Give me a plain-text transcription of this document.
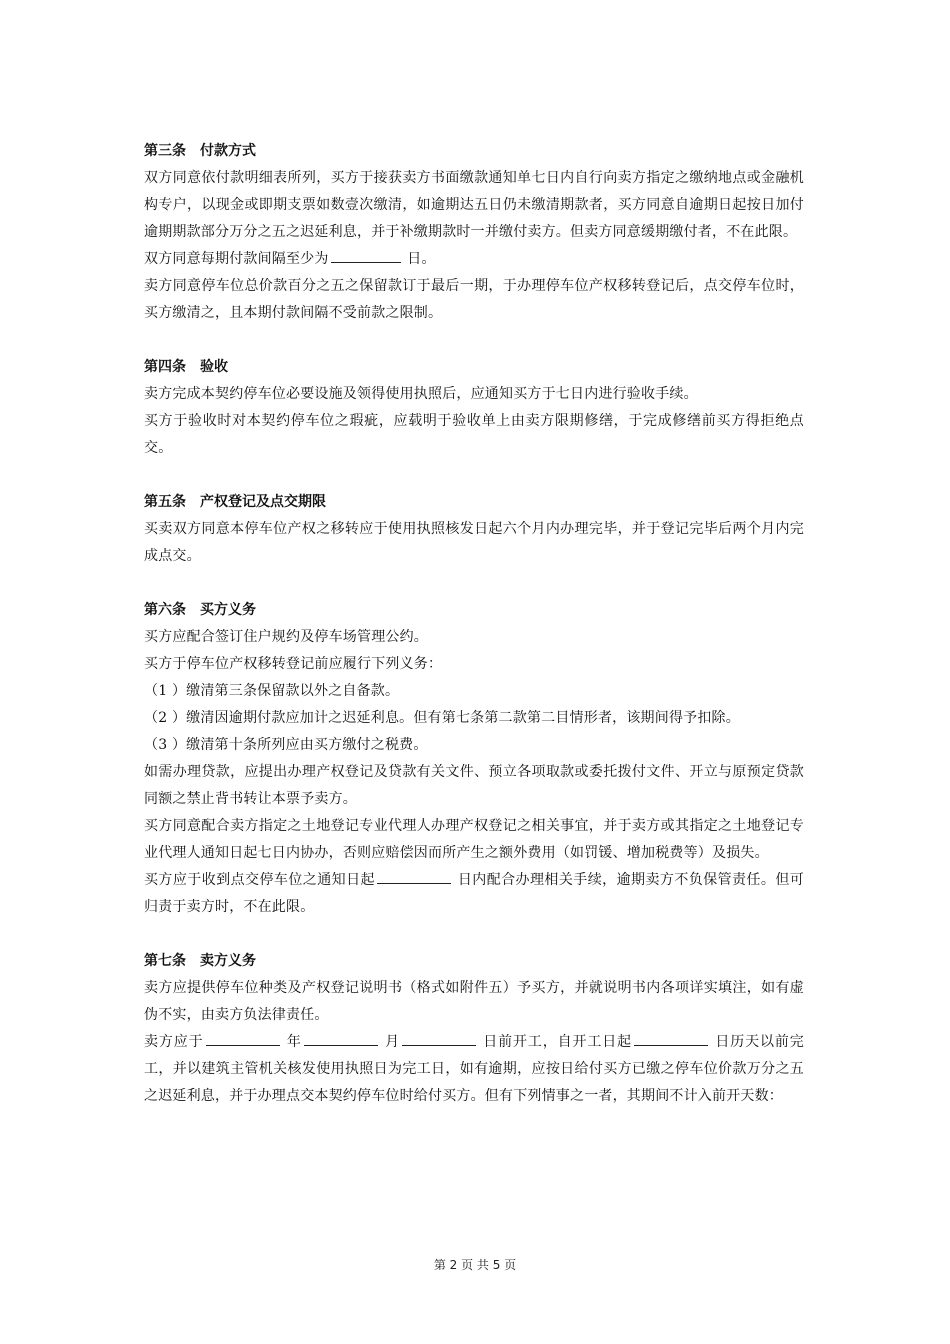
第三条　付款方式

双方同意依付款明细表所列，买方于接获卖方书面缴款通知单七日内自行向卖方指定之缴纳地点或金融机构专户，以现金或即期支票如数壹次缴清，如逾期达五日仍未缴清期款者，买方同意自逾期日起按日加付逾期期款部分万分之五之迟延利息，并于补缴期款时一并缴付卖方。但卖方同意缓期缴付者，不在此限。

双方同意每期付款间隔至少为	日。

卖方同意停车位总价款百分之五之保留款订于最后一期，于办理停车位产权移转登记后，点交停车位时，买方缴清之，且本期付款间隔不受前款之限制。

第四条　验收

卖方完成本契约停车位必要设施及领得使用执照后，应通知买方于七日内进行验收手续。

买方于验收时对本契约停车位之瑕疵，应载明于验收单上由卖方限期修缮，于完成修缮前买方得拒绝点交。

第五条　产权登记及点交期限

买卖双方同意本停车位产权之移转应于使用执照核发日起六个月内办理完毕，并于登记完毕后两个月内完成点交。

第六条　买方义务

买方应配合签订住户规约及停车场管理公约。

买方于停车位产权移转登记前应履行下列义务：

（1 ）缴清第三条保留款以外之自备款。

（2 ）缴清因逾期付款应加计之迟延利息。但有第七条第二款第二目情形者，该期间得予扣除。

（3 ）缴清第十条所列应由买方缴付之税费。

如需办理贷款，应提出办理产权登记及贷款有关文件、预立各项取款或委托拨付文件、开立与原预定贷款同额之禁止背书转让本票予卖方。

买方同意配合卖方指定之土地登记专业代理人办理产权登记之相关事宜，并于卖方或其指定之土地登记专业代理人通知日起七日内协办，否则应赔偿因而所产生之额外费用（如罚锾、增加税费等）及损失。

买方应于收到点交停车位之通知日起	日内配合办理相关手续，逾期卖方不负保管责任。但可归责于卖方时，不在此限。

第七条　卖方义务

卖方应提供停车位种类及产权登记说明书（格式如附件五）予买方，并就说明书内各项详实填注，如有虚伪不实，由卖方负法律责任。

卖方应于	年	月	日前开工，自开工日起	日历天以前完工，并以建筑主管机关核发使用执照日为完工日，如有逾期，应按日给付买方已缴之停车位价款万分之五之迟延利息，并于办理点交本契约停车位时给付买方。但有下列情事之一者，其期间不计入前开天数：

第 2 页 共 5 页
